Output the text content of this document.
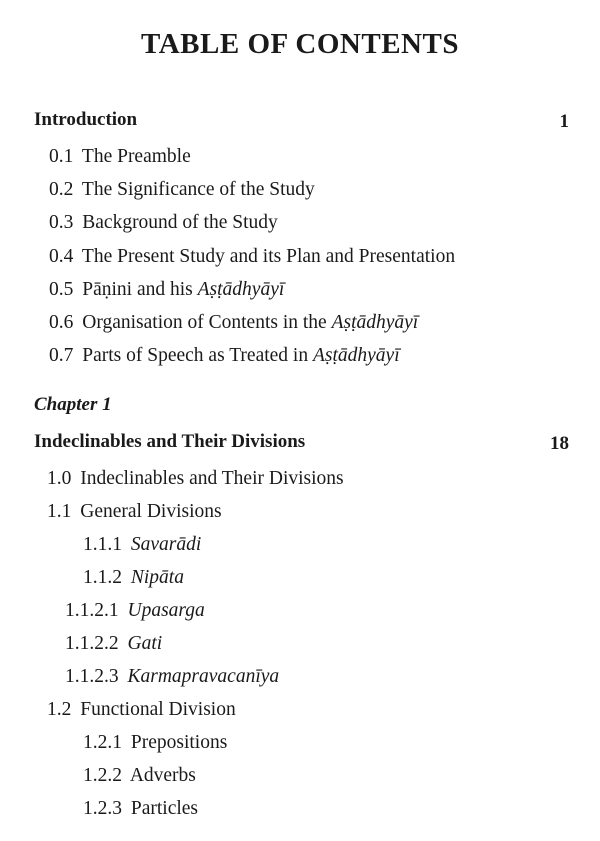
TABLE OF CONTENTS
Introduction	1
0.1 The Preamble
0.2 The Significance of the Study
0.3 Background of the Study
0.4 The Present Study and its Plan and Presentation
0.5 Pāṇini and his Aṣṭādhyāyī
0.6 Organisation of Contents in the Aṣṭādhyāyī
0.7 Parts of Speech as Treated in Aṣṭādhyāyī
Chapter 1
Indeclinables and Their Divisions	18
1.0 Indeclinables and Their Divisions
1.1 General Divisions
1.1.1 Savarādi
1.1.2 Nipāta
1.1.2.1 Upasarga
1.1.2.2 Gati
1.1.2.3 Karmapravacanīya
1.2 Functional Division
1.2.1 Prepositions
1.2.2 Adverbs
1.2.3 Particles
